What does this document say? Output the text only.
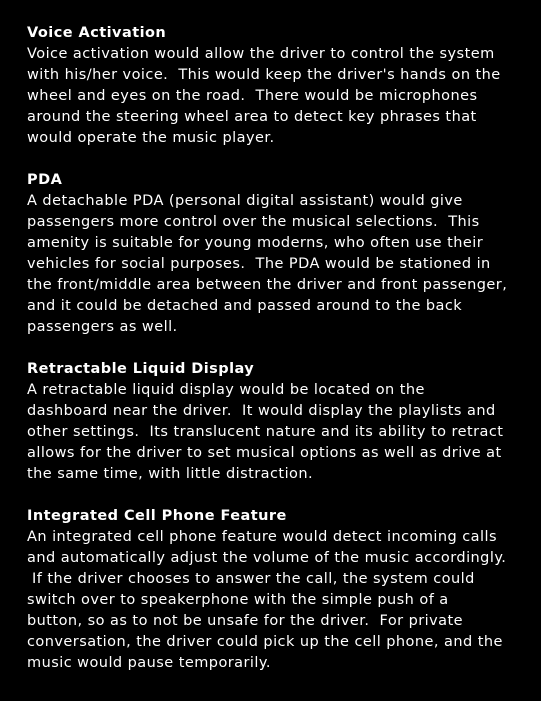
Voice Activation
Voice activation would allow the driver to control the system
with his/her voice.  This would keep the driver's hands on the
wheel and eyes on the road.  There would be microphones
around the steering wheel area to detect key phrases that
would operate the music player.
PDA
A detachable PDA (personal digital assistant) would give
passengers more control over the musical selections.  This
amenity is suitable for young moderns, who often use their
vehicles for social purposes.  The PDA would be stationed in
the front/middle area between the driver and front passenger,
and it could be detached and passed around to the back
passengers as well.
Retractable Liquid Display
A retractable liquid display would be located on the
dashboard near the driver.  It would display the playlists and
other settings.  Its translucent nature and its ability to retract
allows for the driver to set musical options as well as drive at
the same time, with little distraction.
Integrated Cell Phone Feature
An integrated cell phone feature would detect incoming calls
and automatically adjust the volume of the music accordingly.
If the driver chooses to answer the call, the system could
switch over to speakerphone with the simple push of a
button, so as to not be unsafe for the driver.  For private
conversation, the driver could pick up the cell phone, and the
music would pause temporarily.
